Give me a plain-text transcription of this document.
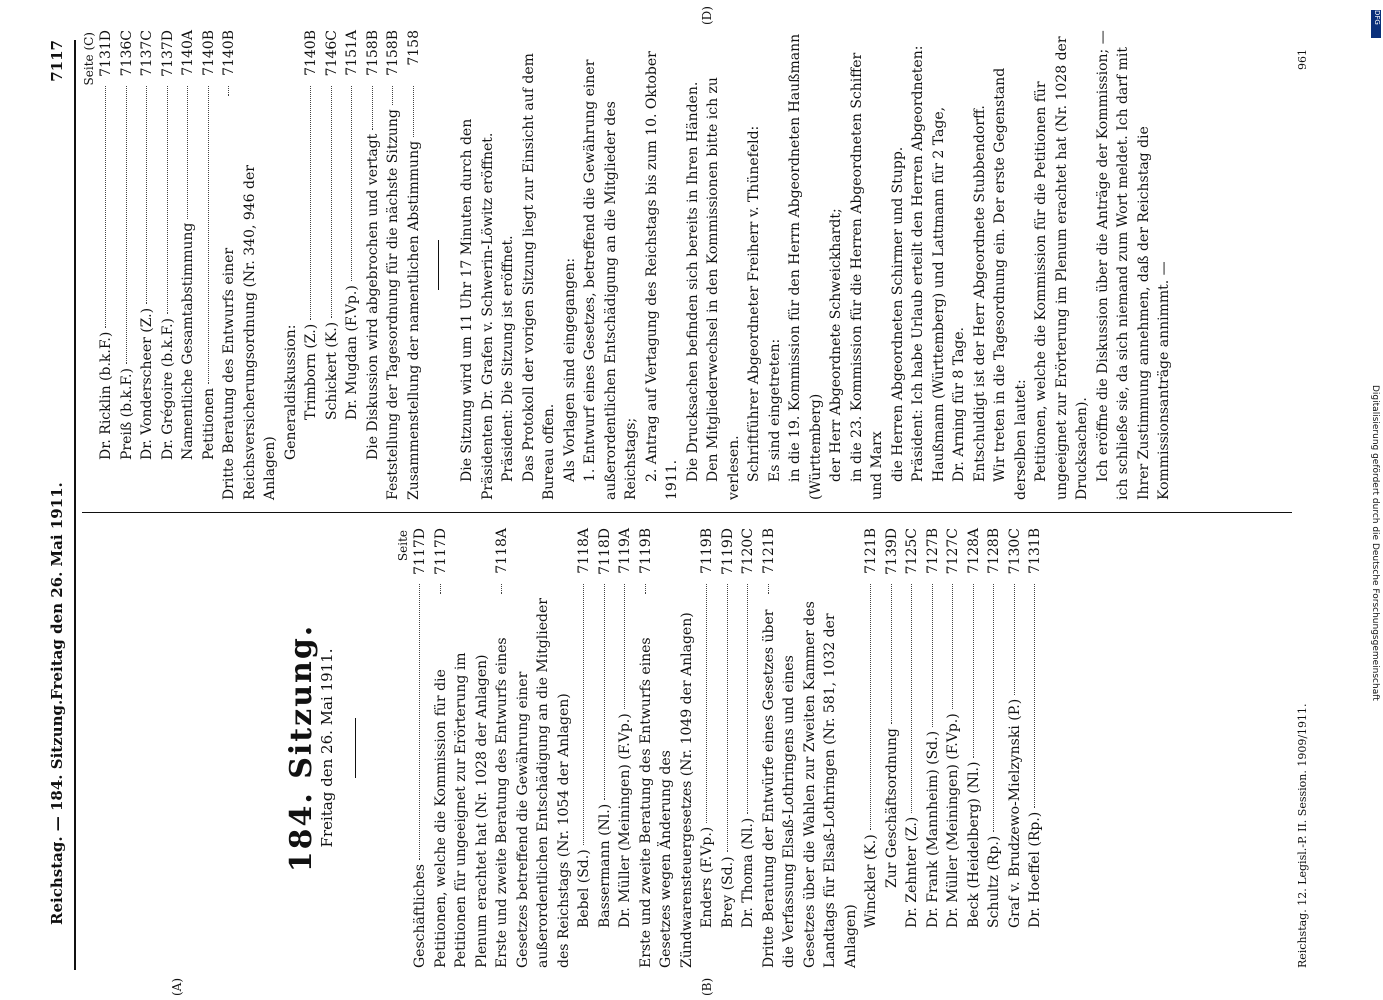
Reichstag. — 184. Sitzung.
Freitag den 26. Mai 1911.  7117
(A)	(B)
(D)
184. Sitzung.
Freitag den 26. Mai 1911.
Seite
Geschäftliches
7117D
Petitionen, welche die Kommission für die Petitionen für ungeeignet zur Erörterung im Plenum erachtet hat (Nr. 1028 der Anlagen)
7117D
Erste und zweite Beratung des Entwurfs eines Gesetzes betreffend die Gewährung einer außerordentlichen Entschädigung an die Mitglieder des Reichstags (Nr. 1054 der Anlagen)
7118A
Bebel (Sd.)
7118A
Bassermann (Nl.)
7118D
Dr. Müller (Meiningen) (F.Vp.)
7119A
Erste und zweite Beratung des Entwurfs eines Gesetzes wegen Änderung des Zündwarensteuergesetzes (Nr. 1049 der Anlagen)
7119B
Enders (F.Vp.)
7119B
Brey (Sd.)
7119D
Dr. Thoma (Nl.)
7120C
Dritte Beratung der Entwürfe eines Gesetzes über die Verfassung Elsaß-Lothringens und eines Gesetzes über die Wahlen zur Zweiten Kammer des Landtags für Elsaß-Lothringen (Nr. 581, 1032 der Anlagen)
7121B
Winckler (K.)
7121B
Zur Geschäftsordnung
7139D
Dr. Zehnter (Z.)
7125C
Dr. Frank (Mannheim) (Sd.)
7127B
Dr. Müller (Meiningen) (F.Vp.)
7127C
Beck (Heidelberg) (Nl.)
7128A
Schultz (Rp.)
7128B
Graf v. Brudzewo-Mielzynski (P.)
7130C
Dr. Hoeffel (Rp.)
7131B
Seite (C)
Dr. Ricklin (b.k.F.)
7131D
Preiß (b.k.F.)
7136C
Dr. Vonderscheer (Z.)
7137C
Dr. Grégoire (b.k.F.)
7137D
Namentliche Gesamtabstimmung
7140A
Petitionen
7140B
Dritte Beratung des Entwurfs einer Reichsversicherungsordnung (Nr. 340, 946 der Anlagen)
7140B
Generaldiskussion: Trimborn (Z.)
7140B
Schickert (K.)
7146C
Dr. Mugdan (F.Vp.)
7151A
Die Diskussion wird abgebrochen und vertagt
7158B
Feststellung der Tagesordnung für die nächste Sitzung
7158B
Zusammenstellung der namentlichen Abstimmung
7158

Die Sitzung wird um 11 Uhr 17 Minuten durch den Präsidenten Dr. Grafen v. Schwerin-Löwitz eröffnet. Präsident: Die Sitzung ist eröffnet. Das Protokoll der vorigen Sitzung liegt zur Einsicht auf dem Bureau offen. Als Vorlagen sind eingegangen: 1. Entwurf eines Gesetzes, betreffend die Gewährung einer außerordentlichen Entschädigung an die Mitglieder des Reichstags; 2. Antrag auf Vertagung des Reichstags bis zum 10. Oktober 1911. Die Drucksachen befinden sich bereits in Ihren Händen. Den Mitgliederwechsel in den Kommissionen bitte ich zu verlesen. Schriftführer Abgeordneter Freiherr v. Thünefeld: Es sind eingetreten: in die 19. Kommission für den Herrn Abgeordneten Haußmann (Württemberg) der Herr Abgeordnete Schweickhardt; in die 23. Kommission für die Herren Abgeordneten Schiffer und Marx die Herren Abgeordneten Schirmer und Stupp. Präsident: Ich habe Urlaub erteilt den Herren Abgeordneten: Haußmann (Württemberg) und Lattmann für 2 Tage, Dr. Arning für 8 Tage. Entschuldigt ist der Herr Abgeordnete Stubbendorff. Wir treten in die Tagesordnung ein. Der erste Gegenstand derselben lautet: Petitionen, welche die Kommission für die Petitionen für ungeeignet zur Erörterung im Plenum erachtet hat (Nr. 1028 der Drucksachen). Ich eröffne die Diskussion über die Anträge der Kommission; — ich schließe sie, da sich niemand zum Wort meldet. Ich darf mit Ihrer Zustimmung annehmen, daß der Reichstag die Kommissionsanträge annimmt. —

Reichstag. 12. Legisl.-P. II. Session. 1909/1911.
961
DFG
Digitalisierung gefördert durch die Deutsche Forschungsgemeinschaft
